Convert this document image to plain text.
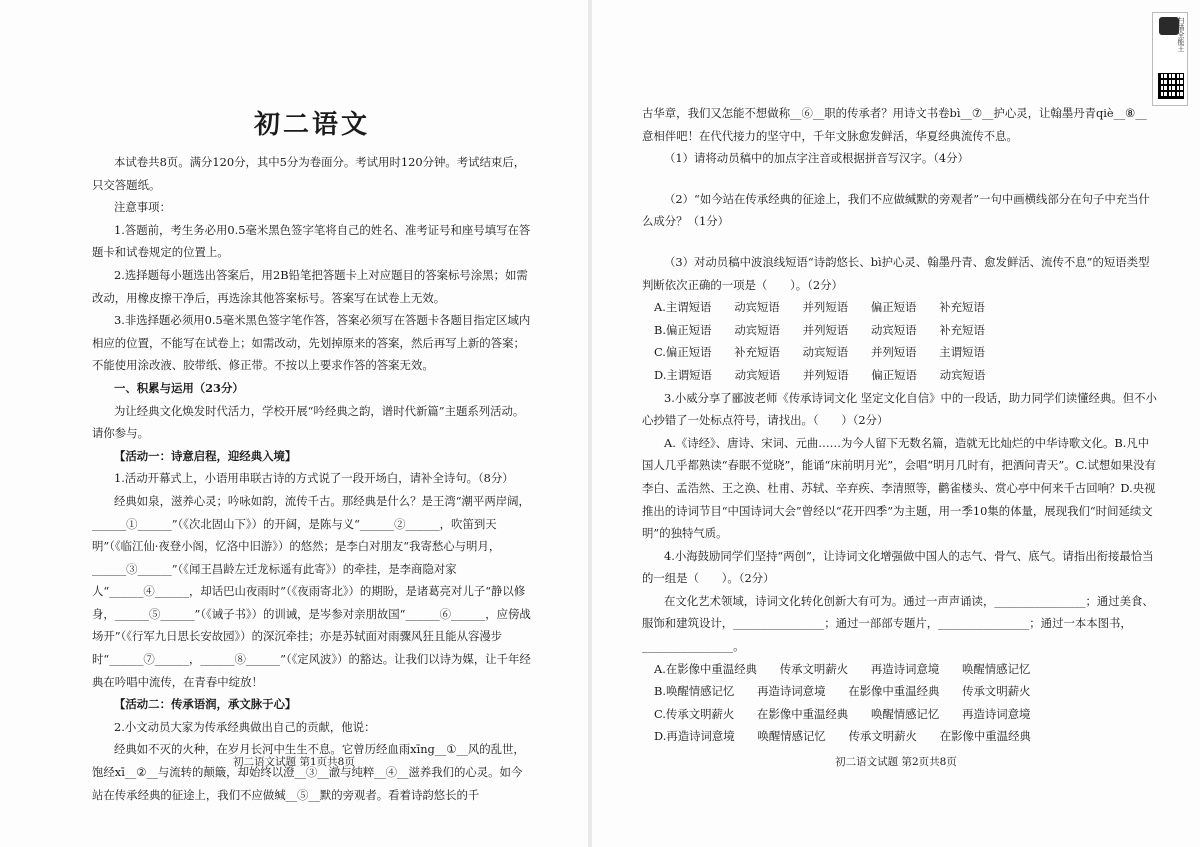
初二语文

本试卷共8页。满分120分，其中5分为卷面分。考试用时120分钟。考试结束后，只交答题纸。

注意事项：

1.答题前，考生务必用0.5毫米黑色签字笔将自己的姓名、准考证号和座号填写在答题卡和试卷规定的位置上。

2.选择题每小题选出答案后，用2B铅笔把答题卡上对应题目的答案标号涂黑；如需改动，用橡皮擦干净后，再选涂其他答案标号。答案写在试卷上无效。

3.非选择题必须用0.5毫米黑色签字笔作答，答案必须写在答题卡各题目指定区域内相应的位置，不能写在试卷上；如需改动，先划掉原来的答案，然后再写上新的答案；不能使用涂改液、胶带纸、修正带。不按以上要求作答的答案无效。

一、积累与运用（23分）

为让经典文化焕发时代活力，学校开展“吟经典之韵，谱时代新篇”主题系列活动。请你参与。

【活动一：诗意启程，迎经典入境】

1.活动开幕式上，小语用串联古诗的方式说了一段开场白，请补全诗句。（8分）

经典如泉，滋养心灵；吟咏如韵，流传千古。那经典是什么？是王湾“潮平两岸阔，______①______”（《次北固山下》）的开阔，是陈与义“______②______，吹笛到天明”（《临江仙·夜登小阁，忆洛中旧游》）的悠然；是李白对朋友“我寄愁心与明月，______③______”（《闻王昌龄左迁龙标遥有此寄》）的牵挂，是李商隐对家人“______④______，却话巴山夜雨时”（《夜雨寄北》）的期盼，是诸葛亮对儿子“静以修身，______⑤______”（《诫子书》）的训诫，是岑参对亲朋故国“______⑥______，应傍战场开”（《行军九日思长安故园》）的深沉牵挂；亦是苏轼面对雨骤风狂且能从容漫步时“______⑦______，______⑧______”（《定风波》）的豁达。让我们以诗为媒，让千年经典在吟唱中流传，在青春中绽放！

【活动二：传承语润，承文脉于心】

2.小文动员大家为传承经典做出自己的贡献，他说：

经典如不灭的火种，在岁月长河中生生不息。它曾历经血雨xīng__①__风的乱世，饱经xī__②__与流转的颠簸，却始终以澄__③__澈与纯粹__④__滋养我们的心灵。如今站在传承经典的征途上，我们不应做缄__⑤__默的旁观者。看着诗韵悠长的千

初二语文试题 第1页共8页

古华章，我们又怎能不想做称__⑥__职的传承者？用诗文书卷bì__⑦__护心灵，让翰墨丹青qiè__⑧__意相伴吧！在代代接力的坚守中，千年文脉愈发鲜活，华夏经典流传不息。

（1）请将动员稿中的加点字注音或根据拼音写汉字。（4分）

（2）“如今站在传承经典的征途上，我们不应做缄默的旁观者”一句中画横线部分在句子中充当什么成分？（1分）

（3）对动员稿中波浪线短语“诗韵悠长、bì护心灵、翰墨丹青、愈发鲜活、流传不息”的短语类型判断依次正确的一项是（　　）。（2分）

A.主谓短语　　动宾短语　　并列短语　　偏正短语　　补充短语

B.偏正短语　　动宾短语　　并列短语　　动宾短语　　补充短语

C.偏正短语　　补充短语　　动宾短语　　并列短语　　主谓短语

D.主谓短语　　动宾短语　　并列短语　　偏正短语　　动宾短语

3.小威分享了郦波老师《传承诗词文化 坚定文化自信》中的一段话，助力同学们读懂经典。但不小心抄错了一处标点符号，请找出。（　　）（2分）

A.《诗经》、唐诗、宋词、元曲……为今人留下无数名篇，造就无比灿烂的中华诗歌文化。B.凡中国人几乎都熟读“春眠不觉晓”，能诵“床前明月光”，会唱“明月几时有，把酒问青天”。C.试想如果没有李白、孟浩然、王之涣、杜甫、苏轼、辛弃疾、李清照等，鹳雀楼头、赏心亭中何来千古回响？D.央视推出的诗词节目“中国诗词大会”曾经以“花开四季”为主题，用一季10集的体量，展现我们“时间延续文明”的独特气质。

4.小海鼓励同学们坚持“两创”，让诗词文化增强做中国人的志气、骨气、底气。请指出衔接最恰当的一组是（　　）。（2分）

在文化艺术领域，诗词文化转化创新大有可为。通过一声声诵读，________________；通过美食、服饰和建筑设计，________________；通过一部部专题片，________________；通过一本本图书，________________。

A.在影像中重温经典　　传承文明薪火　　再造诗词意境　　唤醒情感记忆

B.唤醒情感记忆　　再造诗词意境　　在影像中重温经典　　传承文明薪火

C.传承文明薪火　　在影像中重温经典　　唤醒情感记忆　　再造诗词意境

D.再造诗词意境　　唤醒情感记忆　　传承文明薪火　　在影像中重温经典

初二语文试题 第2页共8页
扫描全能王
